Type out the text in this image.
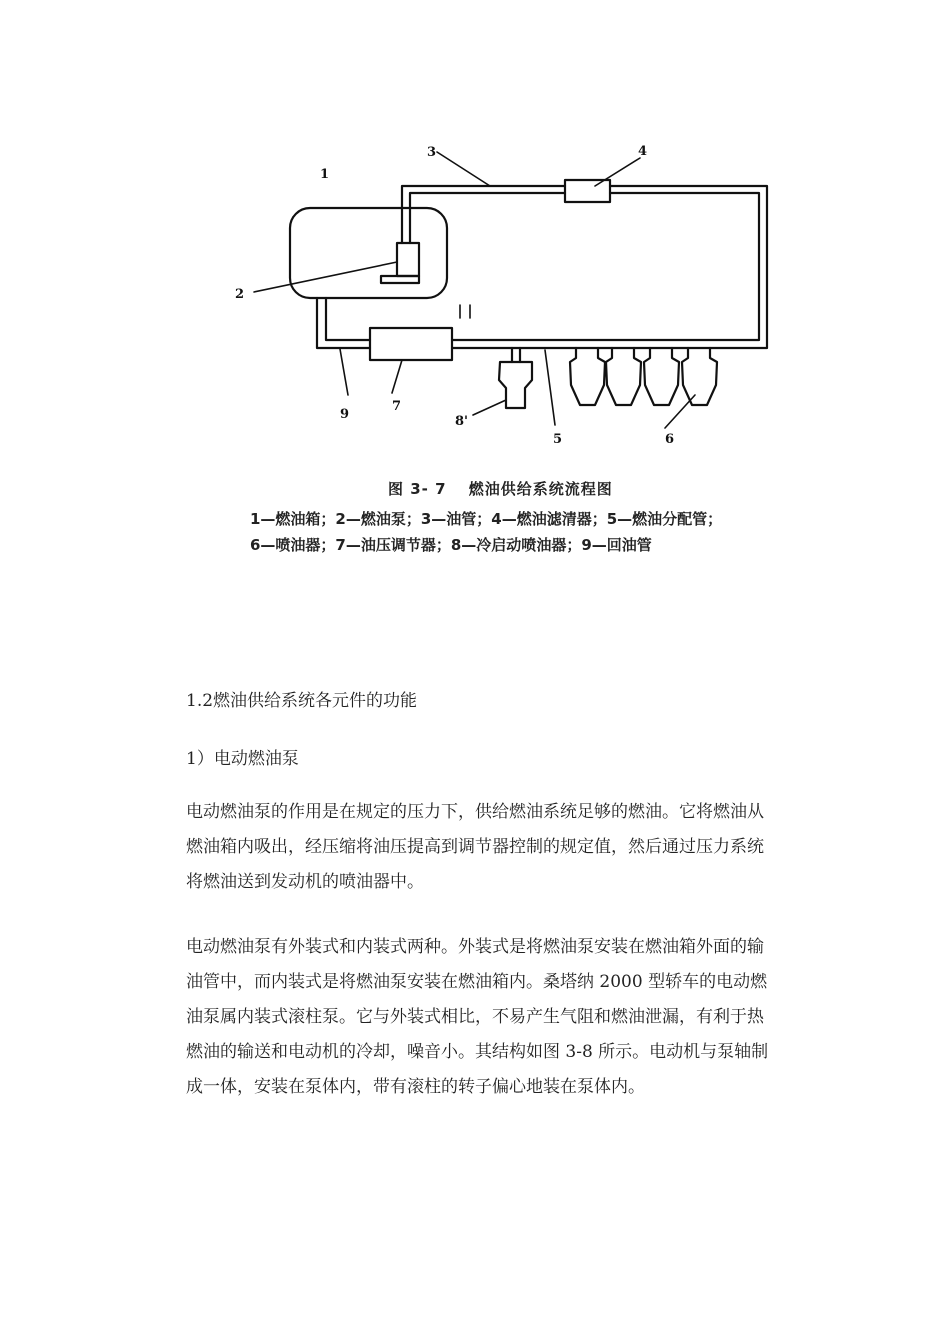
3	4
1
2
9
7
8'
5	6
图 3- 7　 燃油供给系统流程图
1—燃油箱；2—燃油泵；3—油管；4—燃油滤清器；5—燃油分配管；
6—喷油器；7—油压调节器；8—冷启动喷油器；9—回油管
1.2燃油供给系统各元件的功能
1）电动燃油泵
电动燃油泵的作用是在规定的压力下，供给燃油系统足够的燃油。它将燃油从燃油箱内吸出，经压缩将油压提高到调节器控制的规定值，然后通过压力系统将燃油送到发动机的喷油器中。
电动燃油泵有外装式和内装式两种。外装式是将燃油泵安装在燃油箱外面的输油管中，而内装式是将燃油泵安装在燃油箱内。桑塔纳 2000 型轿车的电动燃油泵属内装式滚柱泵。它与外装式相比，不易产生气阻和燃油泄漏，有利于热燃油的输送和电动机的冷却，噪音小。其结构如图 3-8 所示。电动机与泵轴制成一体，安装在泵体内，带有滚柱的转子偏心地装在泵体内。
